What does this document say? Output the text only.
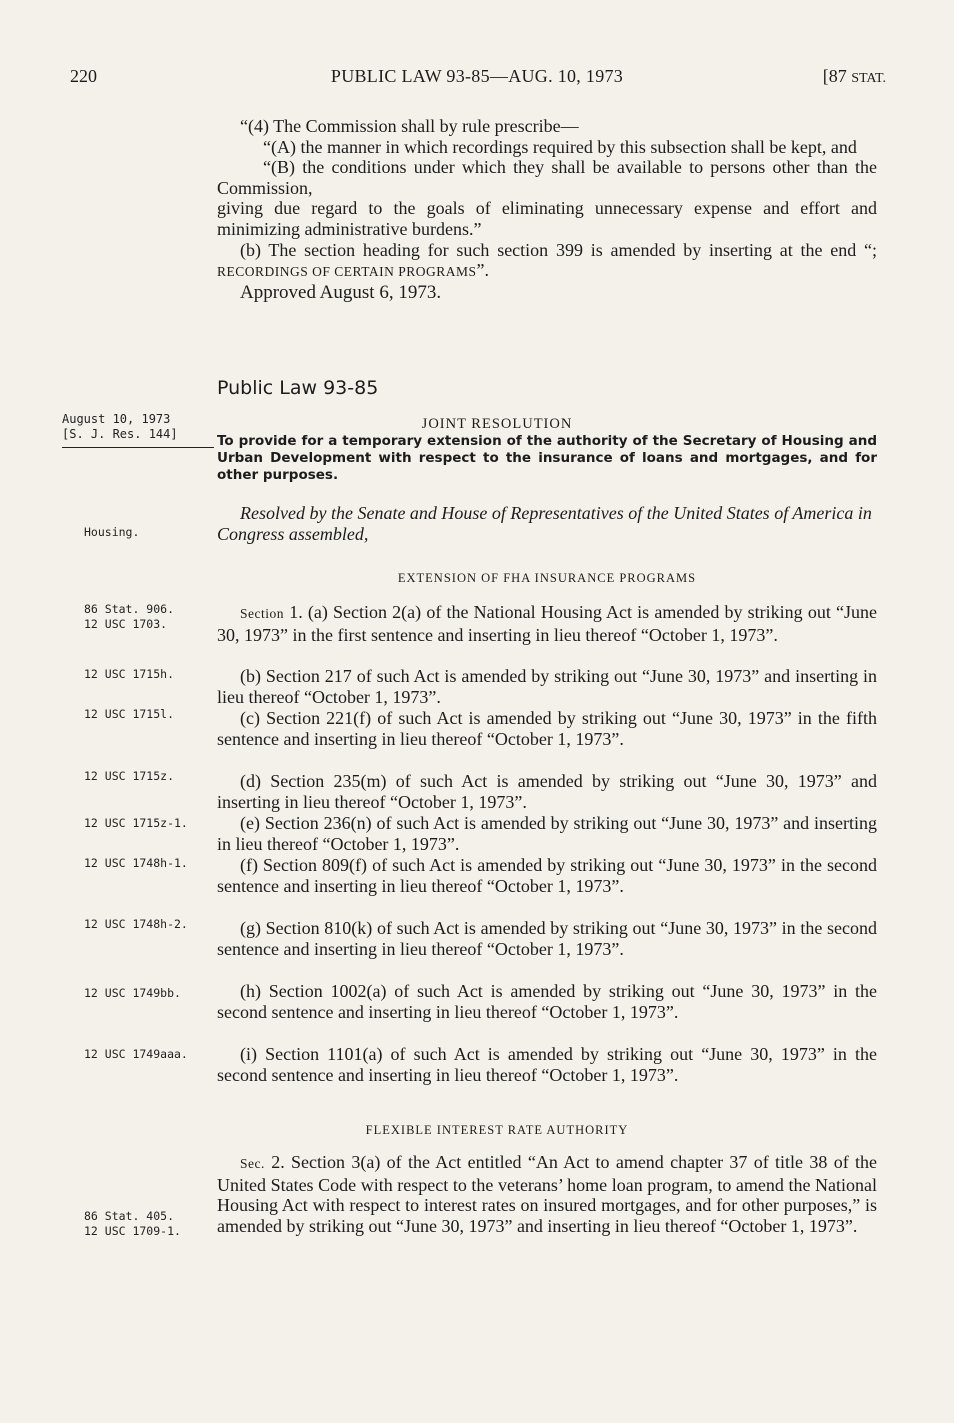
220	PUBLIC LAW 93-85—AUG. 10, 1973	[87 STAT.

“(4) The Commission shall by rule prescribe—

“(A) the manner in which recordings required by this subsection shall be kept, and

“(B) the conditions under which they shall be available to persons other than the Commission,

giving due regard to the goals of eliminating unnecessary expense and effort and minimizing administrative burdens.”

(b) The section heading for such section 399 is amended by inserting at the end “; RECORDINGS OF CERTAIN PROGRAMS”.

Approved August 6, 1973.

Public Law 93-85
August 10, 1973
[S. J. Res. 144]
JOINT RESOLUTION
To provide for a temporary extension of the authority of the Secretary of Housing and Urban Development with respect to the insurance of loans and mortgages, and for other purposes.
Housing.
Resolved by the Senate and House of Representatives of the United States of America in Congress assembled,
EXTENSION OF FHA INSURANCE PROGRAMS

Section 1. (a) Section 2(a) of the National Housing Act is amended by striking out “June 30, 1973” in the first sentence and inserting in lieu thereof “October 1, 1973”.

(b) Section 217 of such Act is amended by striking out “June 30, 1973” and inserting in lieu thereof “October 1, 1973”.

(c) Section 221(f) of such Act is amended by striking out “June 30, 1973” in the fifth sentence and inserting in lieu thereof “October 1, 1973”.

(d) Section 235(m) of such Act is amended by striking out “June 30, 1973” and inserting in lieu thereof “October 1, 1973”.

(e) Section 236(n) of such Act is amended by striking out “June 30, 1973” and inserting in lieu thereof “October 1, 1973”.

(f) Section 809(f) of such Act is amended by striking out “June 30, 1973” in the second sentence and inserting in lieu thereof “October 1, 1973”.

(g) Section 810(k) of such Act is amended by striking out “June 30, 1973” in the second sentence and inserting in lieu thereof “October 1, 1973”.

(h) Section 1002(a) of such Act is amended by striking out “June 30, 1973” in the second sentence and inserting in lieu thereof “October 1, 1973”.

(i) Section 1101(a) of such Act is amended by striking out “June 30, 1973” in the second sentence and inserting in lieu thereof “October 1, 1973”.

86 Stat. 906.
12 USC 1703.
12 USC 1715h.
12 USC 1715l.
12 USC 1715z.
12 USC 1715z-1.
12 USC 1748h-1.
12 USC 1748h-2.
12 USC 1749bb.
12 USC 1749aaa.
FLEXIBLE INTEREST RATE AUTHORITY

Sec. 2. Section 3(a) of the Act entitled “An Act to amend chapter 37 of title 38 of the United States Code with respect to the veterans’ home loan program, to amend the National Housing Act with respect to interest rates on insured mortgages, and for other purposes,” is amended by striking out “June 30, 1973” and inserting in lieu thereof “October 1, 1973”.

86 Stat. 405.
12 USC 1709-1.
